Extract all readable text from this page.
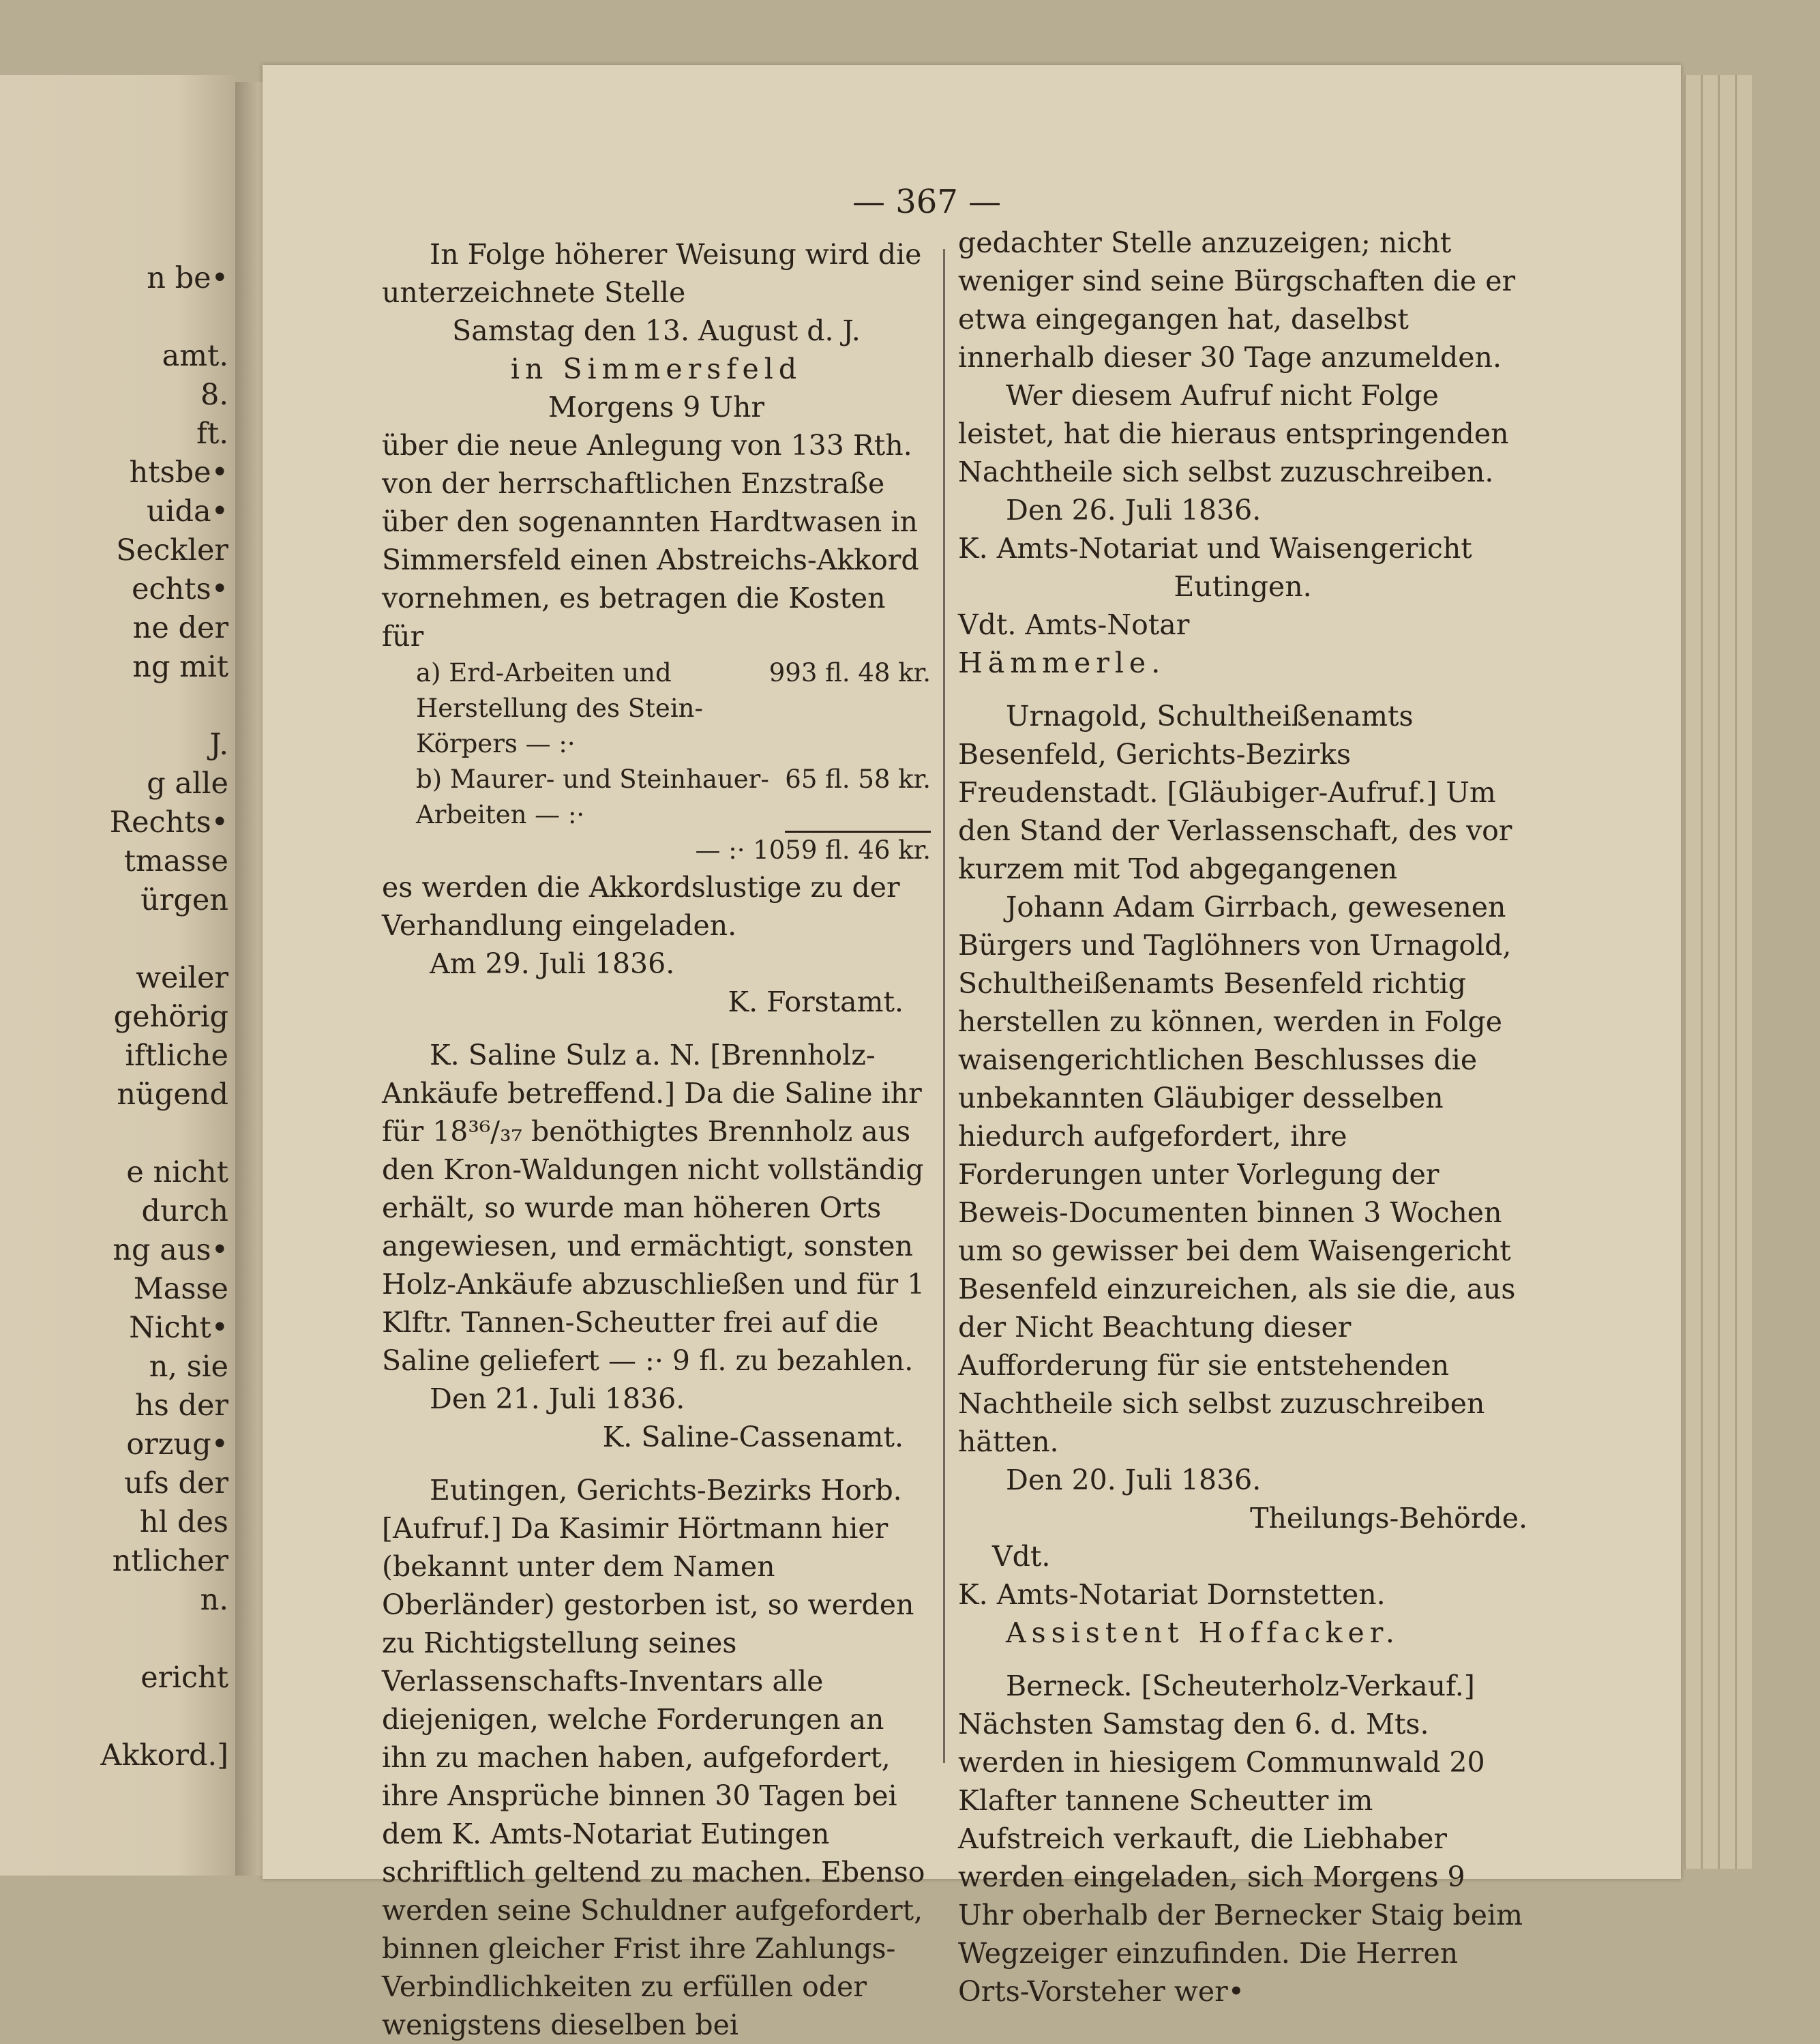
n be•

amt.
8.
ft.
htsbe•
uida•
Seckler
echts•
ne der
ng mit

J.
g alle
Rechts•
tmasse
ürgen

weiler
gehörig
iftliche
nügend

e nicht
durch
ng aus•
Masse
Nicht•
n, sie
hs der
orzug•
ufs der
hl des
ntlicher
n.

ericht

Akkord.]
— 367 —

In Folge höherer Weisung wird die unterzeichnete Stelle

Samstag den 13. August d. J.

in Simmersfeld

Morgens 9 Uhr

über die neue Anlegung von 133 Rth. von der herrschaftlichen Enzstraße über den sogenannten Hardtwasen in Simmersfeld einen Abstreichs-Akkord vornehmen, es betragen die Kosten für

a) Erd-Arbeiten und Herstellung des Stein-Körpers — :·
993 fl. 48 kr.
b) Maurer- und Steinhauer-Arbeiten — :·
65 fl. 58 kr.

— :· 1059 fl. 46 kr.

es werden die Akkordslustige zu der Verhandlung eingeladen.

Am 29. Juli 1836.

K. Forstamt.

K. Saline Sulz a. N. [Brennholz-Ankäufe betreffend.] Da die Saline ihr für 18³⁶/₃₇ benöthigtes Brennholz aus den Kron-Waldungen nicht vollständig erhält, so wurde man höheren Orts angewiesen, und ermächtigt, sonsten Holz-Ankäufe abzuschließen und für 1 Klftr. Tannen-Scheutter frei auf die Saline geliefert — :· 9 fl. zu bezahlen.

Den 21. Juli 1836.

K. Saline-Cassenamt.

Eutingen, Gerichts-Bezirks Horb. [Aufruf.] Da Kasimir Hörtmann hier (bekannt unter dem Namen Oberländer) gestorben ist, so werden zu Richtigstellung seines Verlassenschafts-Inventars alle diejenigen, welche Forderungen an ihn zu machen haben, aufgefordert, ihre Ansprüche binnen 30 Tagen bei dem K. Amts-Notariat Eutingen schriftlich geltend zu machen. Ebenso werden seine Schuldner aufgefordert, binnen gleicher Frist ihre Zahlungs-Verbindlichkeiten zu erfüllen oder wenigstens dieselben bei

gedachter Stelle anzuzeigen; nicht weniger sind seine Bürgschaften die er etwa eingegangen hat, daselbst innerhalb dieser 30 Tage anzumelden.

Wer diesem Aufruf nicht Folge leistet, hat die hieraus entspringenden Nachtheile sich selbst zuzuschreiben.

Den 26. Juli 1836.

K. Amts-Notariat und Waisengericht

Eutingen.

Vdt. Amts-Notar

Hämmerle.

Urnagold, Schultheißenamts Besenfeld, Gerichts-Bezirks Freudenstadt. [Gläubiger-Aufruf.] Um den Stand der Verlassenschaft, des vor kurzem mit Tod abgegangenen

Johann Adam Girrbach, gewesenen Bürgers und Taglöhners von Urnagold, Schultheißenamts Besenfeld richtig herstellen zu können, werden in Folge waisengerichtlichen Beschlusses die unbekannten Gläubiger desselben hiedurch aufgefordert, ihre Forderungen unter Vorlegung der Beweis-Documenten binnen 3 Wochen um so gewisser bei dem Waisengericht Besenfeld einzureichen, als sie die, aus der Nicht Beachtung dieser Aufforderung für sie entstehenden Nachtheile sich selbst zuzuschreiben hätten.

Den 20. Juli 1836.

Theilungs-Behörde.

Vdt.

K. Amts-Notariat Dornstetten.

Assistent Hoffacker.

Berneck. [Scheuterholz-Verkauf.] Nächsten Samstag den 6. d. Mts. werden in hiesigem Communwald 20 Klafter tannene Scheutter im Aufstreich verkauft, die Liebhaber werden eingeladen, sich Morgens 9 Uhr oberhalb der Bernecker Staig beim Wegzeiger einzufinden. Die Herren Orts-Vorsteher wer•
